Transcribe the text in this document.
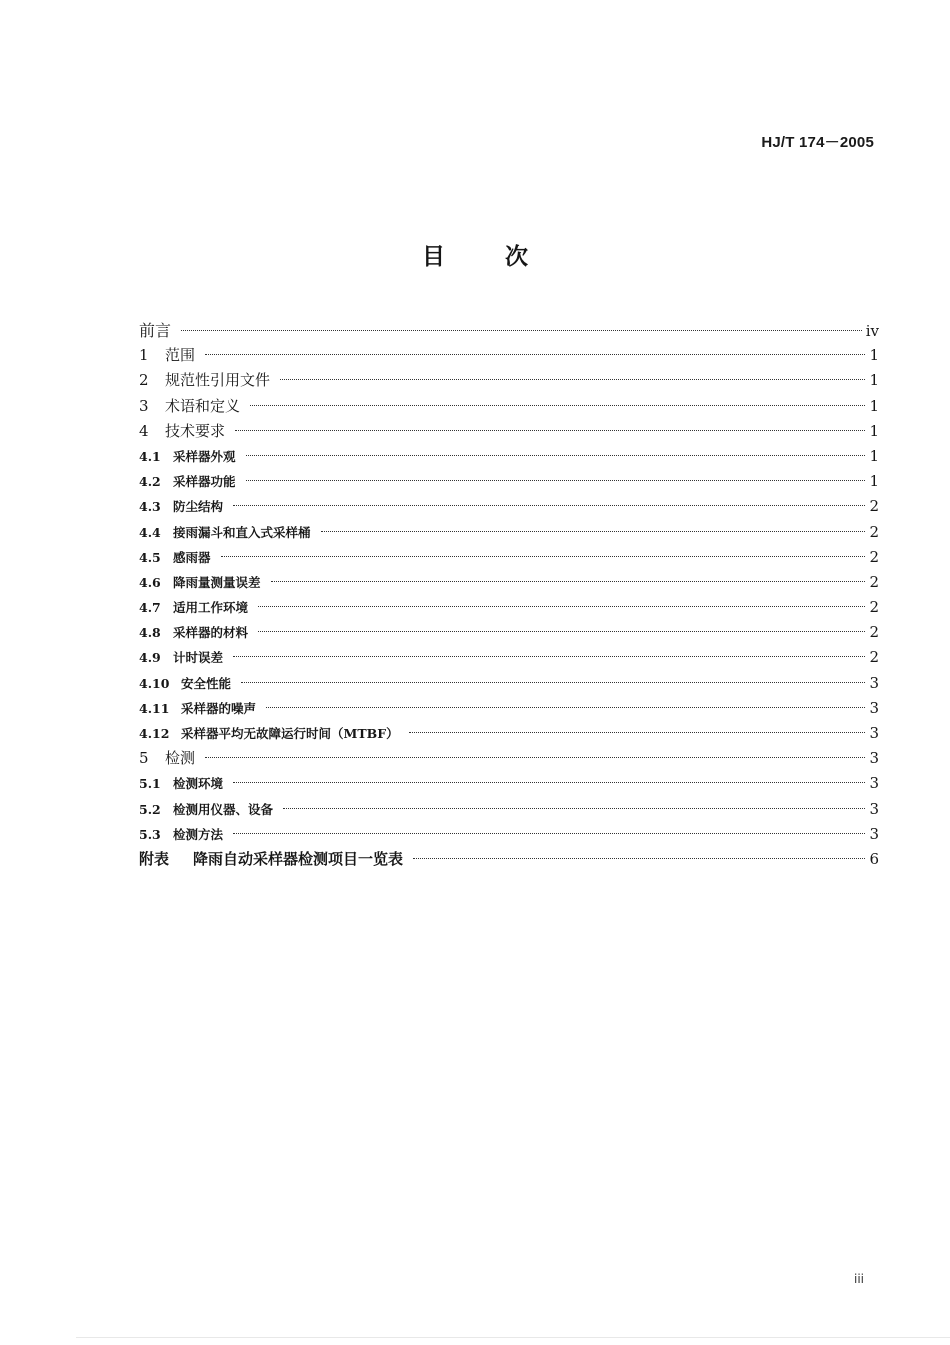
HJ/T 174－2005
目	次
前言	ⅳ
1	范围	1
2	规范性引用文件	1
3	术语和定义	1
4	技术要求	1
4.1 采样器外观	1
4.2 采样器功能	1
4.3 防尘结构	2
4.4 接雨漏斗和直入式采样桶	2
4.5 感雨器	2
4.6 降雨量测量误差	2
4.7 适用工作环境	2
4.8 采样器的材料	2
4.9 计时误差	2
4.10 安全性能	3
4.11 采样器的噪声	3
4.12 采样器平均无故障运行时间（MTBF）	3
5	检测	3
5.1 检测环境	3
5.2 检测用仪器、设备	3
5.3 检测方法	3
附表	降雨自动采样器检测项目一览表	6
iii
